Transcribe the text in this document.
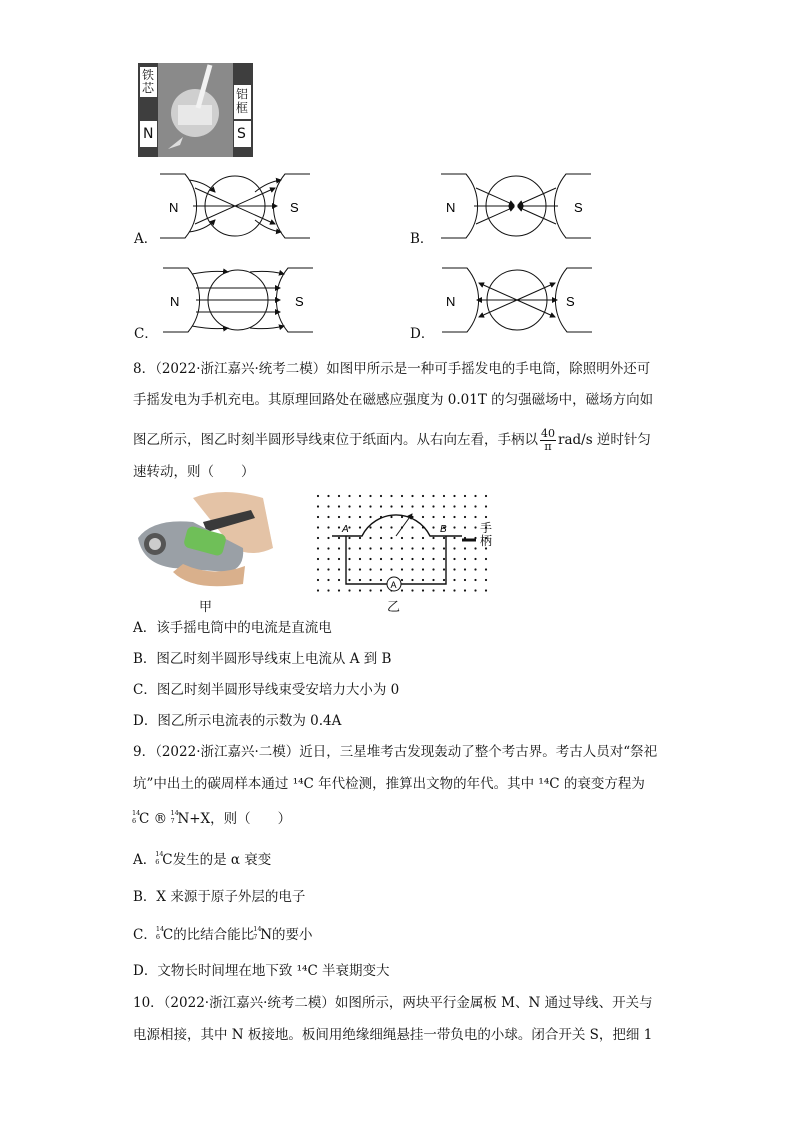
铁芯	铝框
N	S
A．
N	S
B．
N	S
C．
N	S
D．
N	S
8．（2022·浙江嘉兴·统考二模）如图甲所示是一种可手摇发电的手电筒，除照明外还可
手摇发电为手机充电。其原理回路处在磁感应强度为 0.01T 的匀强磁场中，磁场方向如
图乙所示，图乙时刻半圆形导线束位于纸面内。从右向左看，手柄以 $\frac{40}{\pi} rad/s$ 逆时针匀
速转动，则（　　）
甲
A
A	B	手柄
乙
A．该手摇电筒中的电流是直流电
B．图乙时刻半圆形导线束上电流从 A 到 B
C．图乙时刻半圆形导线束受安培力大小为 0
D．图乙所示电流表的示数为 0.4A
9．（2022·浙江嘉兴·二模）近日，三星堆考古发现轰动了整个考古界。考古人员对“祭祀
坑”中出土的碳周样本通过 ¹⁴C 年代检测，推算出文物的年代。其中 ¹⁴C 的衰变方程为
14
6 C ® 14
7 N+X，则（　　）
A． 14
6 C发生的是 α 衰变
B．X 来源于原子外层的电子
C． 14
6 C的比结合能比 14
7 N的要小
D．文物长时间埋在地下致 ¹⁴C 半衰期变大
10．（2022·浙江嘉兴·统考二模）如图所示，两块平行金属板 M、N 通过导线、开关与
电源相接，其中 N 板接地。板间用绝缘细绳悬挂一带负电的小球。闭合开关 S，把细 1
